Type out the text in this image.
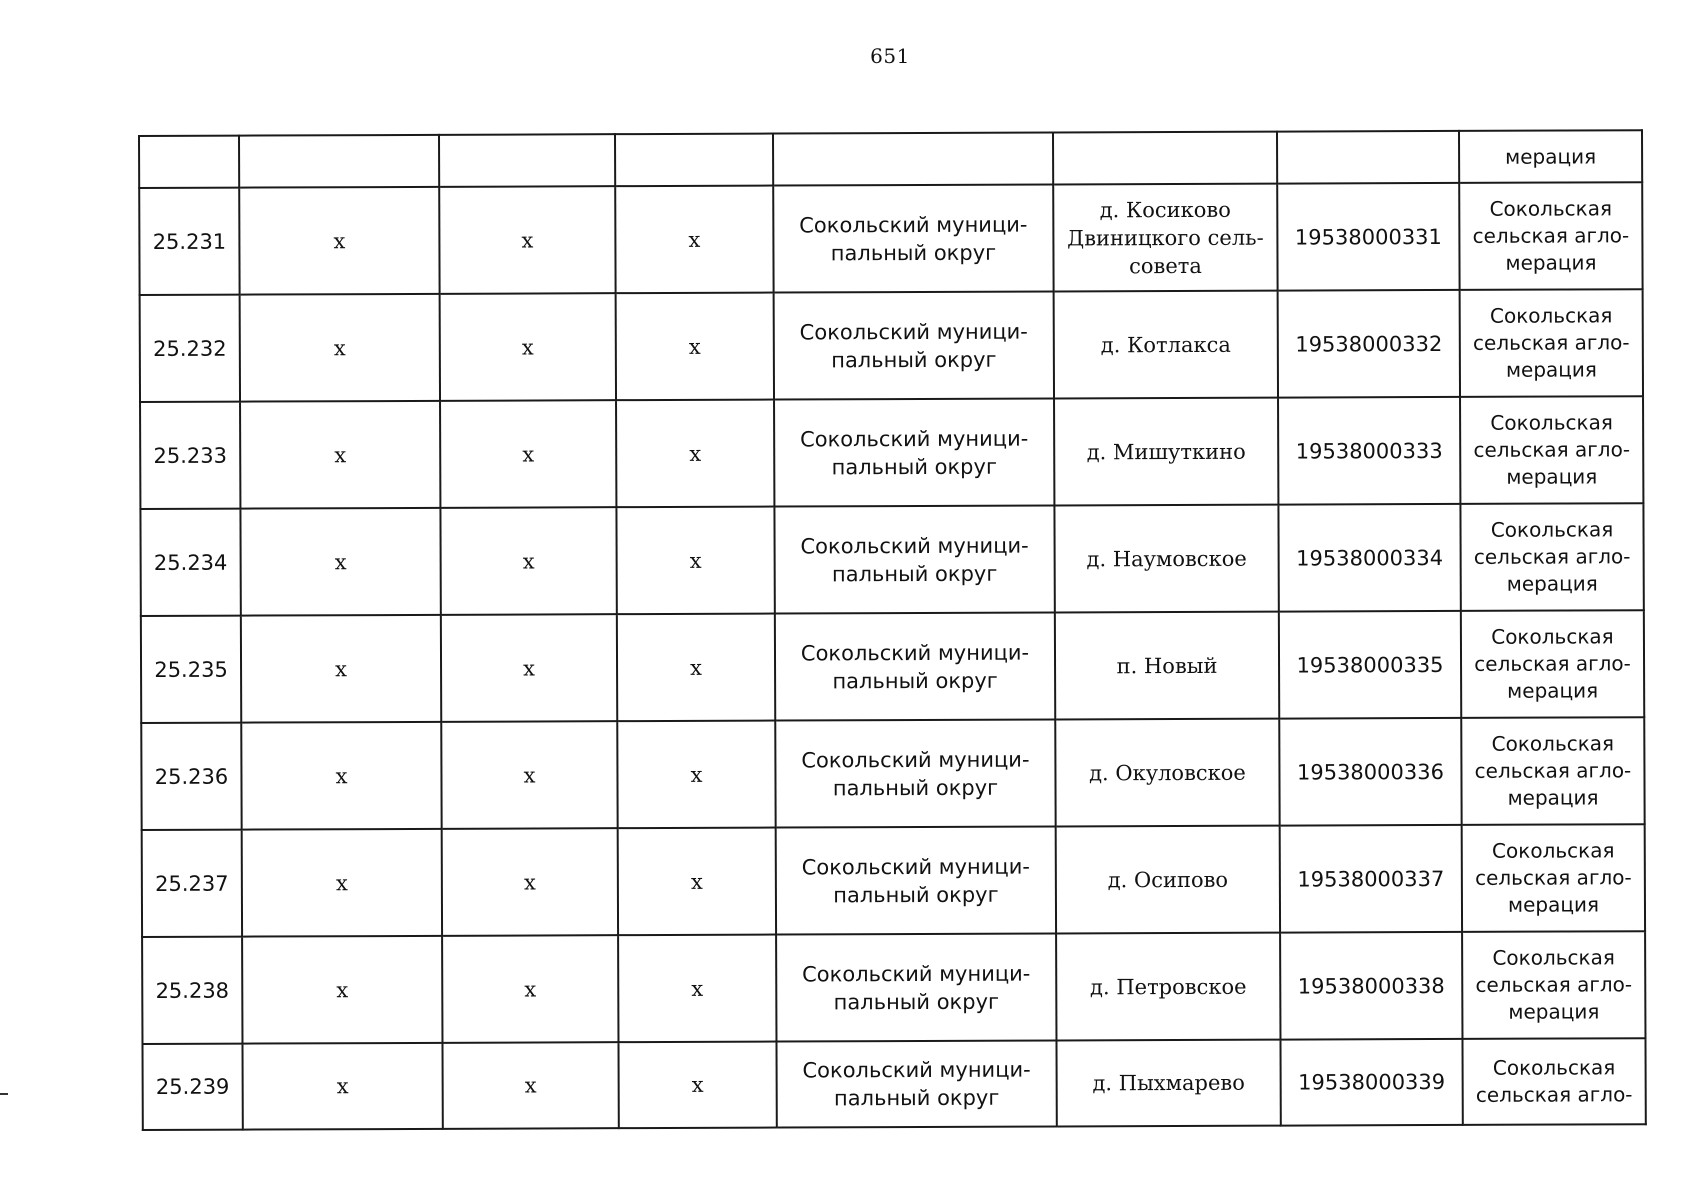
651
							мерация
25.231	x	x	x	Сокольский муници-
пальный округ	д. Косиково
Двиницкого сель-
совета	19538000331	Сокольская
сельская агло-
мерация
25.232	x	x	x	Сокольский муници-
пальный округ	д. Котлакса	19538000332	Сокольская
сельская агло-
мерация
25.233	x	x	x	Сокольский муници-
пальный округ	д. Мишуткино	19538000333	Сокольская
сельская агло-
мерация
25.234	x	x	x	Сокольский муници-
пальный округ	д. Наумовское	19538000334	Сокольская
сельская агло-
мерация
25.235	x	x	x	Сокольский муници-
пальный округ	п. Новый	19538000335	Сокольская
сельская агло-
мерация
25.236	x	x	x	Сокольский муници-
пальный округ	д. Окуловское	19538000336	Сокольская
сельская агло-
мерация
25.237	x	x	x	Сокольский муници-
пальный округ	д. Осипово	19538000337	Сокольская
сельская агло-
мерация
25.238	x	x	x	Сокольский муници-
пальный округ	д. Петровское	19538000338	Сокольская
сельская агло-
мерация
25.239	x	x	x	Сокольский муници-
пальный округ	д. Пыхмарево	19538000339	Сокольская
сельская агло-
